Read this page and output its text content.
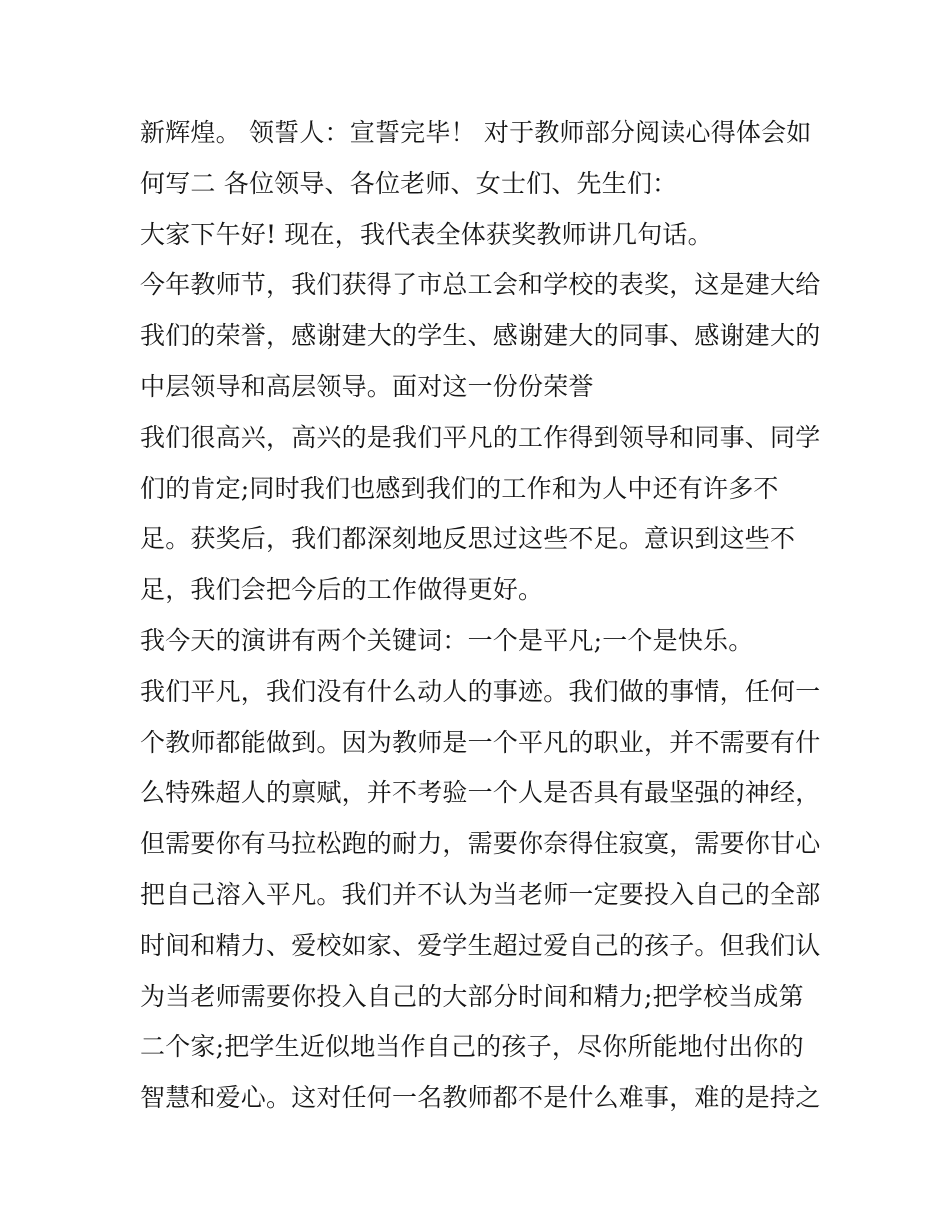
新辉煌。 领誓人：宣誓完毕！ 对于教师部分阅读心得体会如
何写二 各位领导、各位老师、女士们、先生们：
大家下午好! 现在，我代表全体获奖教师讲几句话。
今年教师节，我们获得了市总工会和学校的表奖，这是建大给
我们的荣誉，感谢建大的学生、感谢建大的同事、感谢建大的
中层领导和高层领导。面对这一份份荣誉
我们很高兴，高兴的是我们平凡的工作得到领导和同事、同学
们的肯定;同时我们也感到我们的工作和为人中还有许多不
足。获奖后，我们都深刻地反思过这些不足。意识到这些不
足，我们会把今后的工作做得更好。
我今天的演讲有两个关键词：一个是平凡;一个是快乐。
我们平凡，我们没有什么动人的事迹。我们做的事情，任何一
个教师都能做到。因为教师是一个平凡的职业，并不需要有什
么特殊超人的禀赋，并不考验一个人是否具有最坚强的神经，
但需要你有马拉松跑的耐力，需要你奈得住寂寞，需要你甘心
把自己溶入平凡。我们并不认为当老师一定要投入自己的全部
时间和精力、爱校如家、爱学生超过爱自己的孩子。但我们认
为当老师需要你投入自己的大部分时间和精力;把学校当成第
二个家;把学生近似地当作自己的孩子，尽你所能地付出你的
智慧和爱心。这对任何一名教师都不是什么难事，难的是持之
